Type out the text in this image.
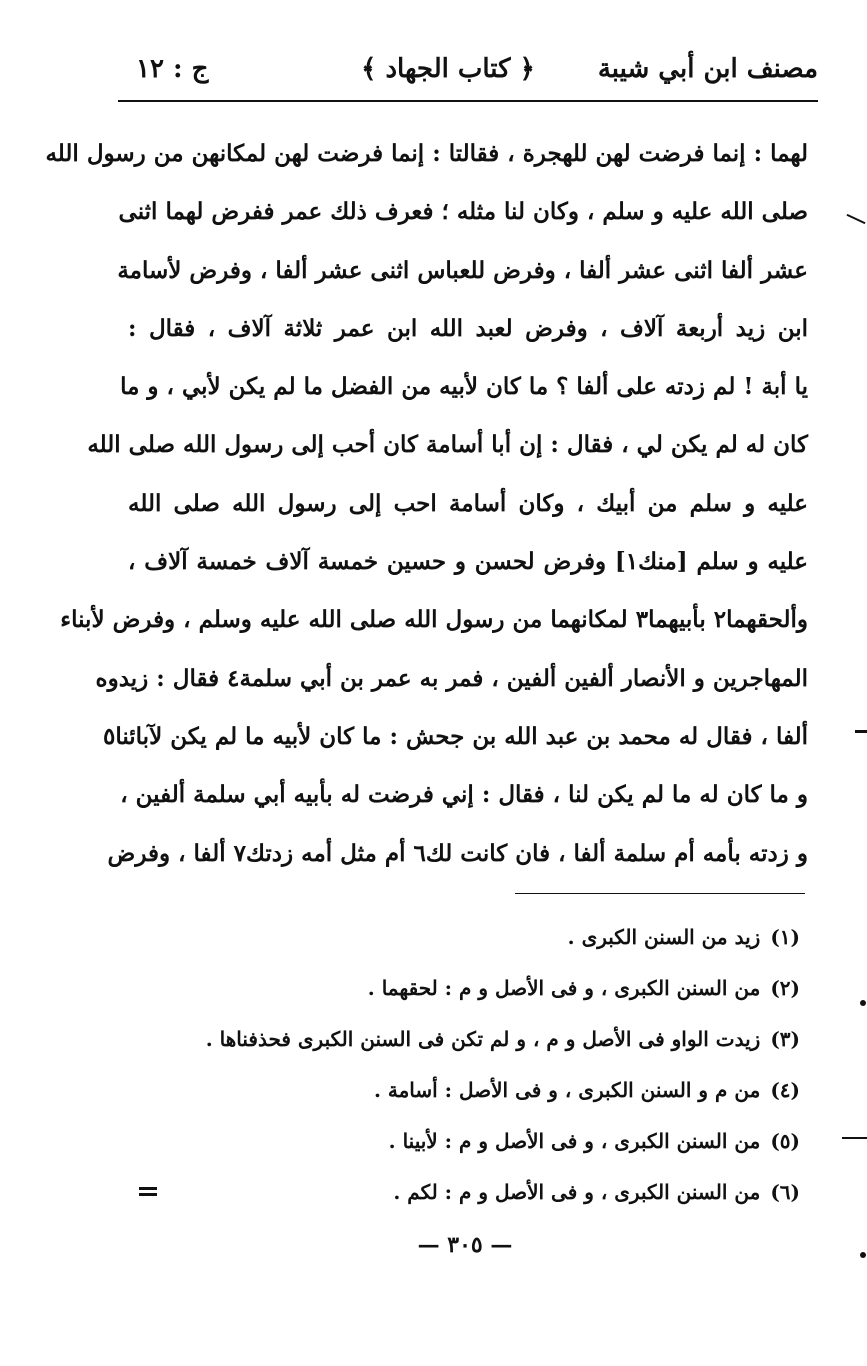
مصنف ابن أبي شيبة
﴿ كتاب الجهاد ﴾
ج : ١٢
لهما : إنما فرضت لهن للهجرة ، فقالتا : إنما فرضت لهن لمكانهن من رسول الله
صلى الله عليه و سلم ، وكان لنا مثله ؛ فعرف ذلك عمر ففرض لهما اثنى
عشر ألفا اثنى عشر ألفا ، وفرض للعباس اثنى عشر ألفا ، وفرض لأسامة
ابن زيد أربعة آلاف ، وفرض لعبد الله ابن عمر ثلاثة آلاف ، فقال :
يا أبة ! لم زدته على ألفا ؟ ما كان لأبيه من الفضل ما لم يكن لأبي ، و ما
كان له لم يكن لي ، فقال : إن أبا أسامة كان أحب إلى رسول الله صلى الله
عليه و سلم من أبيك ، وكان أسامة احب إلى رسول الله صلى الله
عليه و سلم [منك١] وفرض لحسن و حسين خمسة آلاف خمسة آلاف ،
وألحقهما٢ بأبيهما٣ لمكانهما من رسول الله صلى الله عليه وسلم ، وفرض لأبناء
المهاجرين و الأنصار ألفين ألفين ، فمر به عمر بن أبي سلمة٤ فقال : زيدوه
ألفا ، فقال له محمد بن عبد الله بن جحش : ما كان لأبيه ما لم يكن لآبائنا٥
و ما كان له ما لم يكن لنا ، فقال : إني فرضت له بأبيه أبي سلمة ألفين ،
و زدته بأمه أم سلمة ألفا ، فان كانت لك٦ أم مثل أمه زدتك٧ ألفا ، وفرض
(١)زيد من السنن الكبرى .
(٢)من السنن الكبرى ، و فى الأصل و م : لحقهما .
(٣)زيدت الواو فى الأصل و م ، و لم تكن فى السنن الكبرى فحذفناها .
(٤)من م و السنن الكبرى ، و فى الأصل : أسامة .
(٥)من السنن الكبرى ، و فى الأصل و م : لأبينا .
(٦)من السنن الكبرى ، و فى الأصل و م : لكم .
— ٣٠٥ —
